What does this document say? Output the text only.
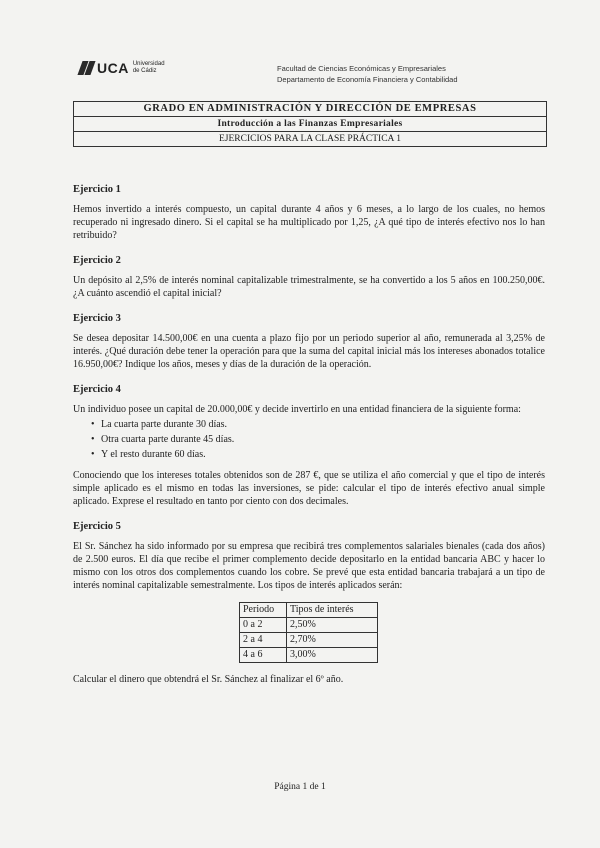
UCA Universidad de Cádiz	Facultad de Ciencias Económicas y Empresariales
Departamento de Economía Financiera y Contabilidad
GRADO EN ADMINISTRACIÓN Y DIRECCIÓN DE EMPRESAS
Introducción a las Finanzas Empresariales
EJERCICIOS PARA LA CLASE PRÁCTICA 1
Ejercicio 1

Hemos invertido a interés compuesto, un capital durante 4 años y 6 meses, a lo largo de los cuales, no hemos recuperado ni ingresado dinero. Si el capital se ha multiplicado por 1,25, ¿A qué tipo de interés efectivo nos lo han retribuido?

Ejercicio 2

Un depósito al 2,5% de interés nominal capitalizable trimestralmente, se ha convertido a los 5 años en 100.250,00€. ¿A cuánto ascendió el capital inicial?

Ejercicio 3

Se desea depositar 14.500,00€ en una cuenta a plazo fijo por un periodo superior al año, remunerada al 3,25% de interés. ¿Qué duración debe tener la operación para que la suma del capital inicial más los intereses abonados totalice 16.950,00€? Indique los años, meses y días de la duración de la operación.

Ejercicio 4

Un individuo posee un capital de 20.000,00€ y decide invertirlo en una entidad financiera de la siguiente forma:

• La cuarta parte durante 30 días.
• Otra cuarta parte durante 45 días.
• Y el resto durante 60 días.

Conociendo que los intereses totales obtenidos son de 287 €, que se utiliza el año comercial y que el tipo de interés simple aplicado es el mismo en todas las inversiones, se pide: calcular el tipo de interés efectivo anual simple aplicado. Exprese el resultado en tanto por ciento con dos decimales.

Ejercicio 5

El Sr. Sánchez ha sido informado por su empresa que recibirá tres complementos salariales bienales (cada dos años) de 2.500 euros. El día que recibe el primer complemento decide depositarlo en la entidad bancaria ABC y hacer lo mismo con los otros dos complementos cuando los cobre. Se prevé que esta entidad bancaria trabajará a un tipo de interés nominal capitalizable semestralmente. Los tipos de interés aplicados serán:

Periodo	Tipos de interés
0 a 2	2,50%
2 a 4	2,70%
4 a 6	3,00%

Calcular el dinero que obtendrá el Sr. Sánchez al finalizar el 6º año.

Página 1 de 1
